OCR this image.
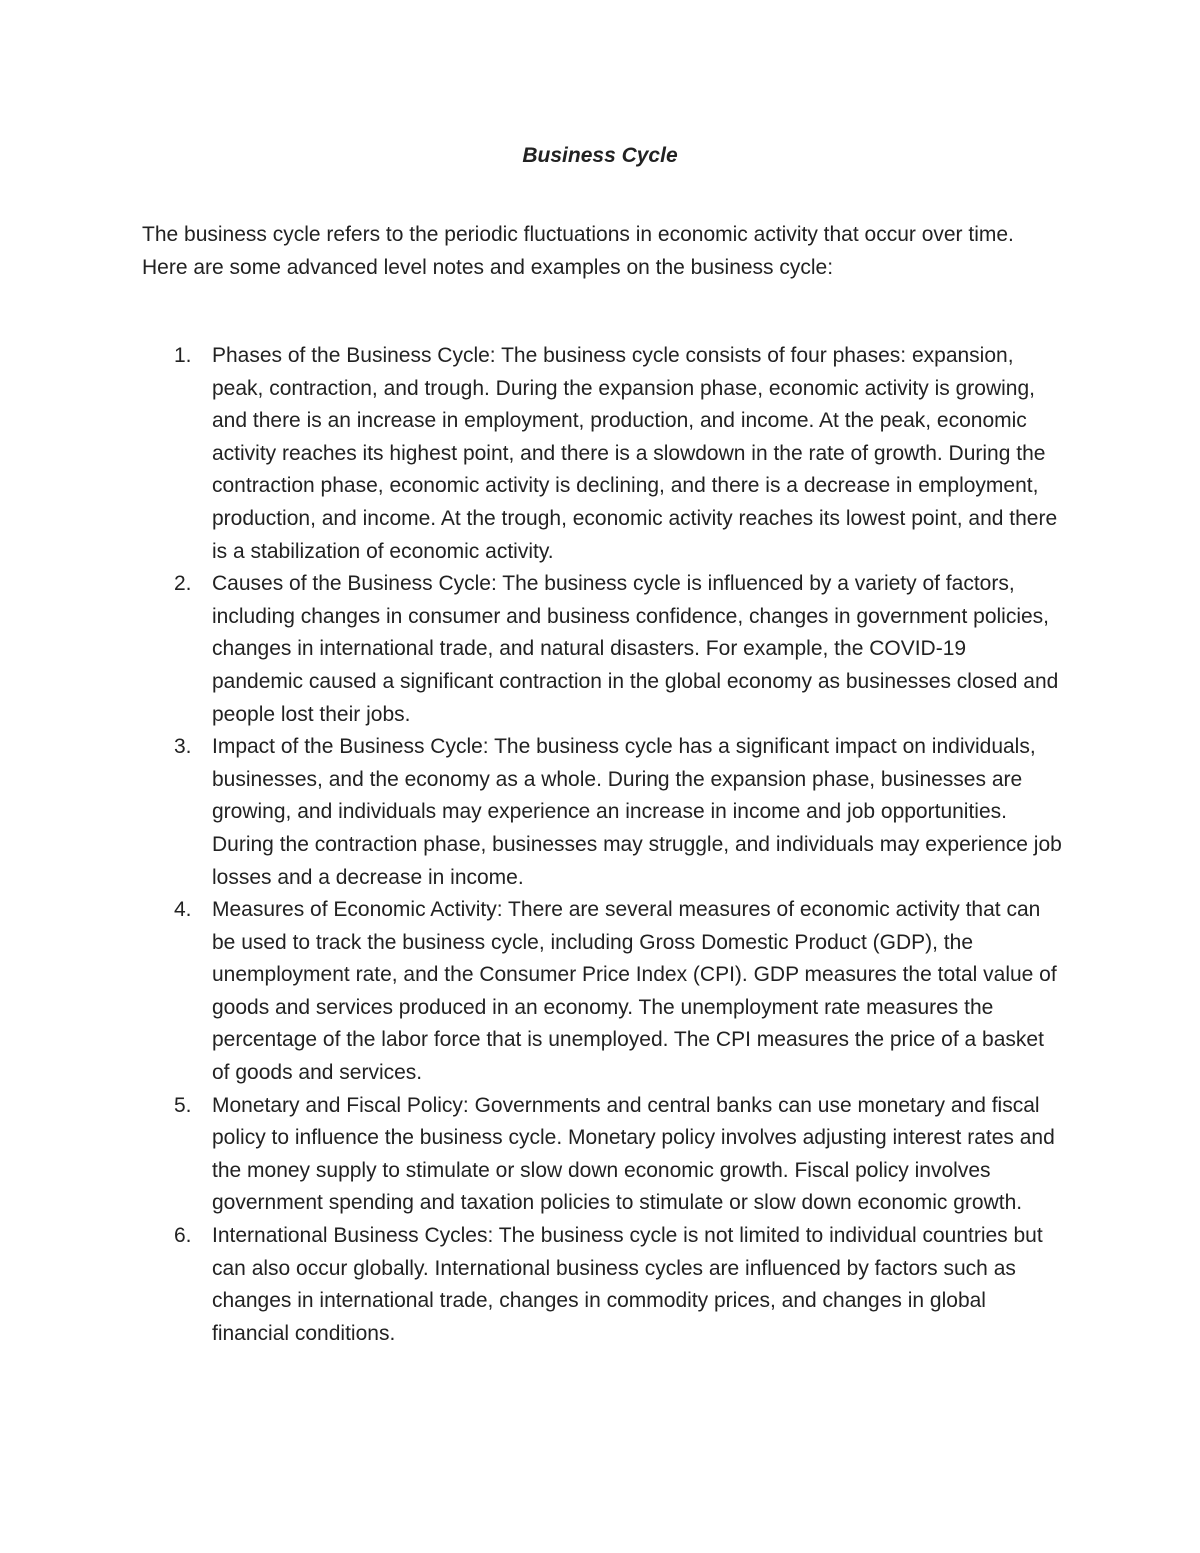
Business Cycle

The business cycle refers to the periodic fluctuations in economic activity that occur over time. Here are some advanced level notes and examples on the business cycle:

1. Phases of the Business Cycle: The business cycle consists of four phases: expansion, peak, contraction, and trough. During the expansion phase, economic activity is growing, and there is an increase in employment, production, and income. At the peak, economic activity reaches its highest point, and there is a slowdown in the rate of growth. During the contraction phase, economic activity is declining, and there is a decrease in employment, production, and income. At the trough, economic activity reaches its lowest point, and there is a stabilization of economic activity.
2. Causes of the Business Cycle: The business cycle is influenced by a variety of factors, including changes in consumer and business confidence, changes in government policies, changes in international trade, and natural disasters. For example, the COVID-19 pandemic caused a significant contraction in the global economy as businesses closed and people lost their jobs.
3. Impact of the Business Cycle: The business cycle has a significant impact on individuals, businesses, and the economy as a whole. During the expansion phase, businesses are growing, and individuals may experience an increase in income and job opportunities. During the contraction phase, businesses may struggle, and individuals may experience job losses and a decrease in income.
4. Measures of Economic Activity: There are several measures of economic activity that can be used to track the business cycle, including Gross Domestic Product (GDP), the unemployment rate, and the Consumer Price Index (CPI). GDP measures the total value of goods and services produced in an economy. The unemployment rate measures the percentage of the labor force that is unemployed. The CPI measures the price of a basket of goods and services.
5. Monetary and Fiscal Policy: Governments and central banks can use monetary and fiscal policy to influence the business cycle. Monetary policy involves adjusting interest rates and the money supply to stimulate or slow down economic growth. Fiscal policy involves government spending and taxation policies to stimulate or slow down economic growth.
6. International Business Cycles: The business cycle is not limited to individual countries but can also occur globally. International business cycles are influenced by factors such as changes in international trade, changes in commodity prices, and changes in global financial conditions.
